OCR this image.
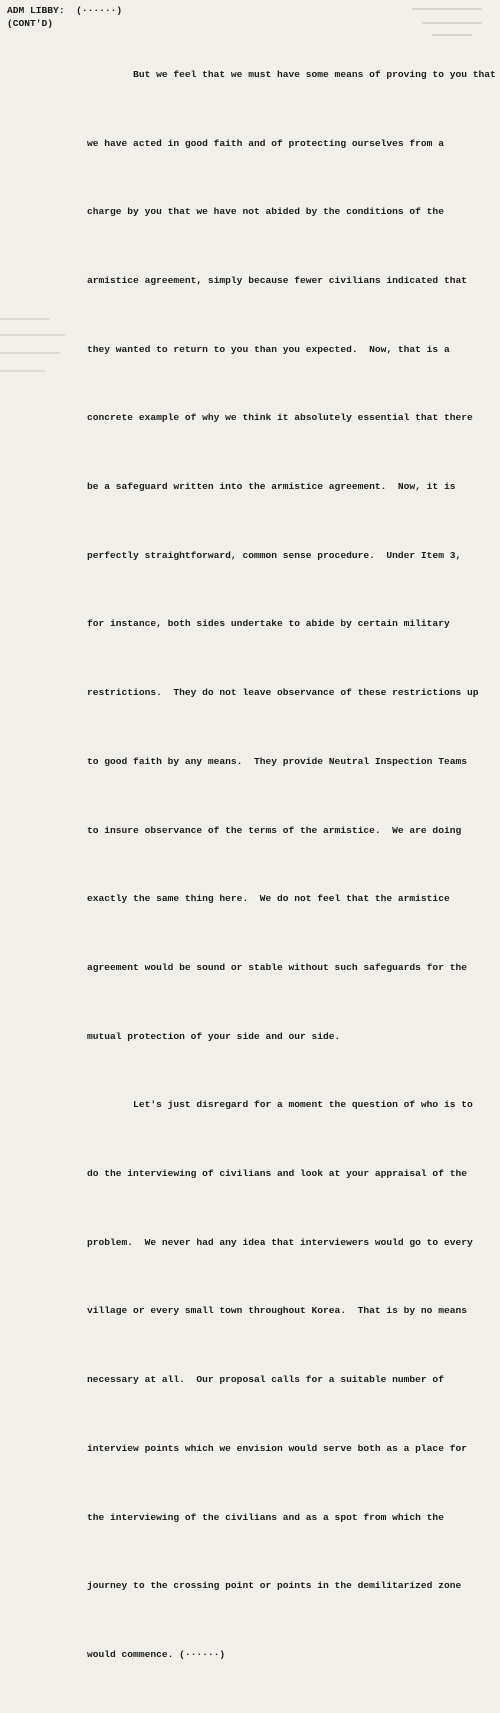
ADM LIBBY: (······)
(CONT'D)

But we feel that we must have some means of proving to you that

we have acted in good faith and of protecting ourselves from a

charge by you that we have not abided by the conditions of the

armistice agreement, simply because fewer civilians indicated that

they wanted to return to you than you expected.  Now, that is a

concrete example of why we think it absolutely essential that there

be a safeguard written into the armistice agreement.  Now, it is

perfectly straightforward, common sense procedure.  Under Item 3,

for instance, both sides undertake to abide by certain military

restrictions.  They do not leave observance of these restrictions up

to good faith by any means.  They provide Neutral Inspection Teams

to insure observance of the terms of the armistice.  We are doing

exactly the same thing here.  We do not feel that the armistice

agreement would be sound or stable without such safeguards for the

mutual protection of your side and our side.

Let's just disregard for a moment the question of who is to

do the interviewing of civilians and look at your appraisal of the

problem.  We never had any idea that interviewers would go to every

village or every small town throughout Korea.  That is by no means

necessary at all.  Our proposal calls for a suitable number of

interview points which we envision would serve both as a place for

the interviewing of the civilians and as a spot from which the

journey to the crossing point or points in the demilitarized zone

would commence. (······)
